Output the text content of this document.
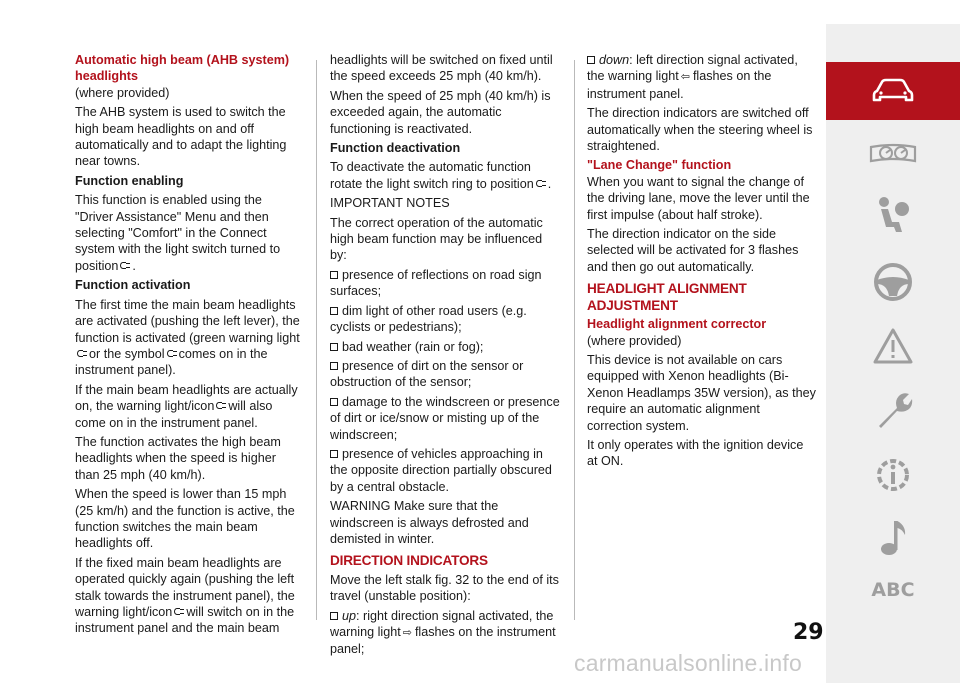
Automatic high beam (AHB system) headlights

(where provided)

The AHB system is used to switch the high beam headlights on and off automatically and to adapt the lighting near towns.

Function enabling

This function is enabled using the "Driver Assistance" Menu and then selecting "Comfort" in the Connect system with the light switch turned to position .

Function activation

The first time the main beam headlights are activated (pushing the left lever), the function is activated (green warning lightor the symbol comes on in the instrument panel).

If the main beam headlights are actually on, the warning light/icon will also come on in the instrument panel.

The function activates the high beam headlights when the speed is higher than 25 mph (40 km/h).

When the speed is lower than 15 mph (25 km/h) and the function is active, the function switches the main beam headlights off.

If the fixed main beam headlights are operated quickly again (pushing the left stalk towards the instrument panel), the warning light/icon will switch on in the instrument panel and the main beam

headlights will be switched on fixed until the speed exceeds 25 mph (40 km/h).

When the speed of 25 mph (40 km/h) is exceeded again, the automatic functioning is reactivated.

Function deactivation

To deactivate the automatic function rotate the light switch ring to position .

IMPORTANT NOTES

The correct operation of the automatic high beam function may be influenced by:

presence of reflections on road sign surfaces;

dim light of other road users (e.g. cyclists or pedestrians);

bad weather (rain or fog);

presence of dirt on the sensor or obstruction of the sensor;

damage to the windscreen or presence of dirt or ice/snow or misting up of the windscreen;

presence of vehicles approaching in the opposite direction partially obscured by a central obstacle.

WARNING Make sure that the windscreen is always defrosted and demisted in winter.

DIRECTION INDICATORS

Move the left stalk fig. 32 to the end of its travel (unstable position):

up: right direction signal activated, the warning light ⇨ flashes on the instrument panel;

down: left direction signal activated, the warning light ⇦ flashes on the instrument panel.

The direction indicators are switched off automatically when the steering wheel is straightened.

"Lane Change" function

When you want to signal the change of the driving lane, move the lever until the first impulse (about half stroke).

The direction indicator on the side selected will be activated for 3 flashes and then go out automatically.

HEADLIGHT ALIGNMENT ADJUSTMENT

Headlight alignment corrector

(where provided)

This device is not available on cars equipped with Xenon headlights (Bi-Xenon Headlamps 35W version), as they require an automatic alignment correction system.

It only operates with the ignition device at ON.

29
ABC
carmanualsonline.info
